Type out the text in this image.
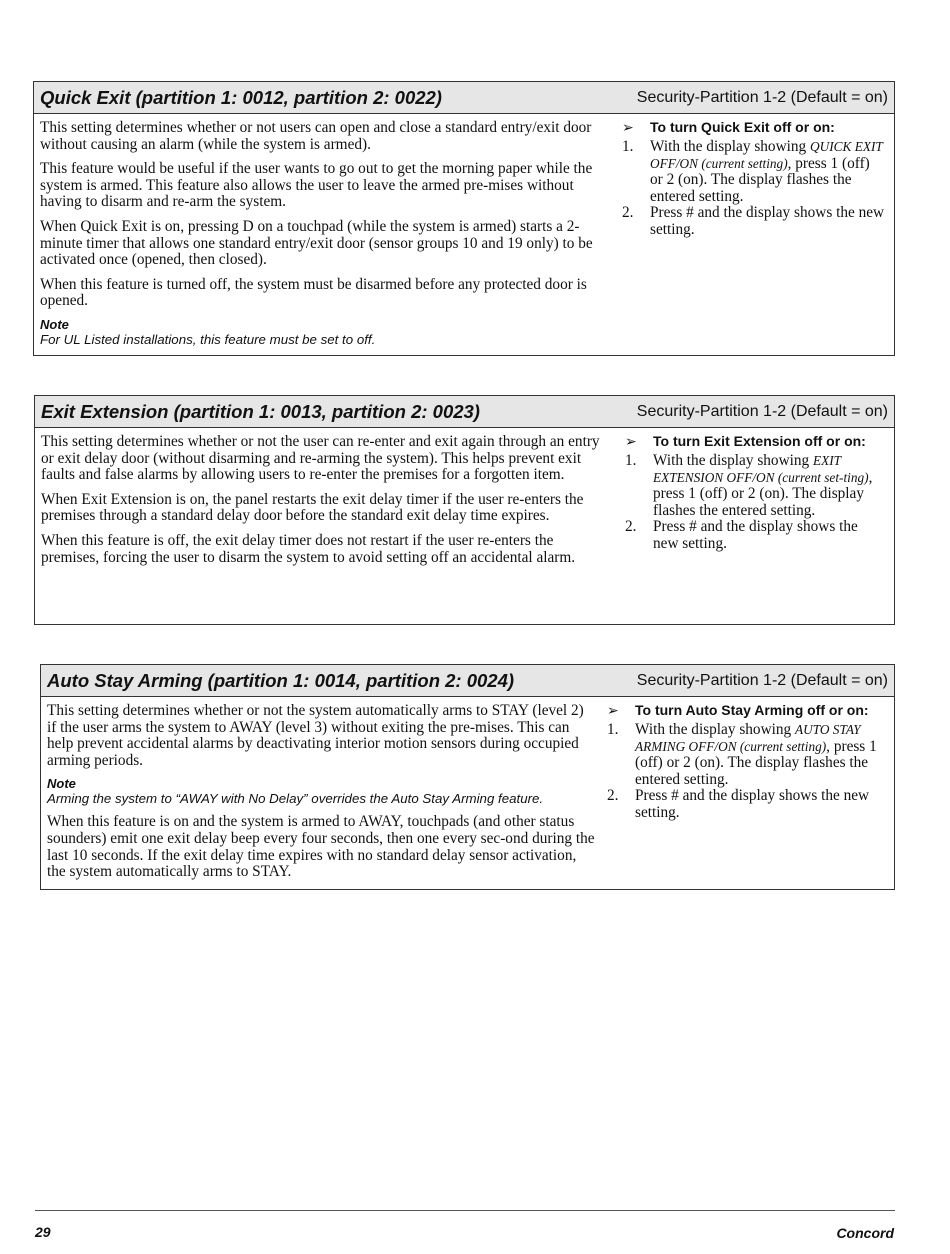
Quick Exit (partition 1: 0012, partition 2: 0022)	Security-Partition 1-2 (Default = on)

This setting determines whether or not users can open and close a standard entry/exit door without causing an alarm (while the system is armed).

This feature would be useful if the user wants to go out to get the morning paper while the system is armed. This feature also allows the user to leave the armed pre-mises without having to disarm and re-arm the system.

When Quick Exit is on, pressing D on a touchpad (while the system is armed) starts a 2-minute timer that allows one standard entry/exit door (sensor groups 10 and 19 only) to be activated once (opened, then closed).

When this feature is turned off, the system must be disarmed before any protected door is opened.

Note
For UL Listed installations, this feature must be set to off.
➢	To turn Quick Exit off or on:
1.	With the display showing QUICK EXIT OFF/ON (current setting), press 1 (off) or 2 (on). The display flashes the entered setting.
2.	Press # and the display shows the new setting.
Exit Extension (partition 1: 0013, partition 2: 0023)	Security-Partition 1-2 (Default = on)

This setting determines whether or not the user can re-enter and exit again through an entry or exit delay door (without disarming and re-arming the system). This helps prevent exit faults and false alarms by allowing users to re-enter the premises for a forgotten item.

When Exit Extension is on, the panel restarts the exit delay timer if the user re-enters the premises through a standard delay door before the standard exit delay time expires.

When this feature is off, the exit delay timer does not restart if the user re-enters the premises, forcing the user to disarm the system to avoid setting off an accidental alarm.

➢	To turn Exit Extension off or on:
1.	With the display showing EXIT EXTENSION OFF/ON (current set-ting), press 1 (off) or 2 (on). The display flashes the entered setting.
2.	Press # and the display shows the new setting.
Auto Stay Arming (partition 1: 0014, partition 2: 0024)	Security-Partition 1-2 (Default = on)

This setting determines whether or not the system automatically arms to STAY (level 2) if the user arms the system to AWAY (level 3) without exiting the pre-mises. This can help prevent accidental alarms by deactivating interior motion sensors during occupied arming periods.

Note
Arming the system to “AWAY with No Delay” overrides the Auto Stay Arming feature.

When this feature is on and the system is armed to AWAY, touchpads (and other status sounders) emit one exit delay beep every four seconds, then one every sec-ond during the last 10 seconds. If the exit delay time expires with no standard delay sensor activation, the system automatically arms to STAY.

➢	To turn Auto Stay Arming off or on:
1.	With the display showing AUTO STAY ARMING OFF/ON (current setting), press 1 (off) or 2 (on). The display flashes the entered setting.
2.	Press # and the display shows the new setting.
29	Concord
